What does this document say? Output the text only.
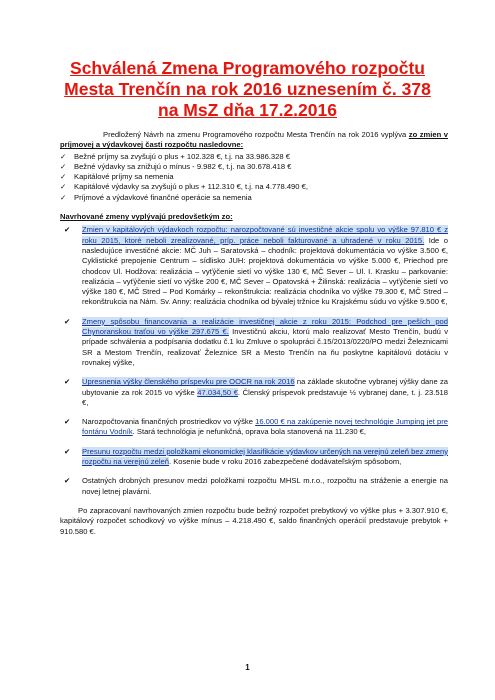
Schválená Zmena Programového rozpočtu
Mesta Trenčín na rok 2016 uznesením č. 378
na MsZ dňa 17.2.2016
Predložený Návrh na zmenu Programového rozpočtu Mesta Trenčín na rok 2016 vyplýva zo zmien v príjmovej a výdavkovej časti rozpočtu nasledovne:
✓ Bežné príjmy sa zvyšujú o plus + 102.328 €, t.j. na 33.986.328 €
✓ Bežné výdavky sa znižujú o mínus - 9.982 €, t.j. na 30.678.418 €
✓ Kapitálové príjmy sa nemenia
✓ Kapitálové výdavky sa zvyšujú o plus + 112.310 €, t.j. na 4.778.490 €,
✓ Príjmové a výdavkové finančné operácie sa nemenia
Navrhované zmeny vyplývajú predovšetkým zo:
✔ Zmien v kapitálových výdavkoch rozpočtu: narozpočtované sú investičné akcie spolu vo výške 97.810 € z roku 2015, ktoré neboli zrealizované, príp. práce neboli fakturované a uhradené v roku 2015. Ide o nasledujúce investičné akcie: MČ Juh – Saratovská – chodník: projektová dokumentácia vo výške 3.500 €, Cyklistické prepojenie Centrum – sídlisko JUH: projektová dokumentácia vo výške 5.000 €, Priechod pre chodcov Ul. Hodžova: realizácia – vyťýčenie sietí vo výške 130 €, MČ Sever – Ul. I. Krasku – parkovanie: realizácia – vyťýčenie sietí vo výške 200 €, MČ Sever – Opatovská + Žilinská: realizácia – vyťýčenie sietí vo výške 180 €, MČ Stred – Pod Komárky – rekonštrukcia: realizácia chodníka vo výške 79.300 €, MČ Stred – rekonštrukcia na Nám. Sv. Anny: realizácia chodníka od bývalej tržnice ku Krajskému súdu vo výške 9.500 €,
✔ Zmeny spôsobu financovania a realizácie investičnej akcie z roku 2015: Podchod pre peších pod Chynoranskou traťou vo výške 297.675 €. Investičnú akciu, ktorú malo realizovať Mesto Trenčín, budú v prípade schválenia a podpísania dodatku č.1 ku Zmluve o spolupráci č.15/2013/0220/PO medzi Železnicami SR a Mestom Trenčín, realizovať Železnice SR a Mesto Trenčín na ňu poskytne kapitálovú dotáciu v rovnakej výške,
✔ Upresnenia výšky členského príspevku pre OOCR na rok 2016 na základe skutočne vybranej výšky dane za ubytovanie za rok 2015 vo výške 47.034,50 €. Členský príspevok predstavuje ½ vybranej dane, t. j. 23.518 €,
✔ Narozpočtovania finančných prostriedkov vo výške 16.000 € na zakúpenie novej technológie Jumping jet pre fontánu Vodník. Stará technológia je nefunkčná, oprava bola stanovená na 11.230 €,
✔ Presunu rozpočtu medzi položkami ekonomickej klasifikácie výdavkov určených na verejnú zeleň bez zmeny rozpočtu na verejnú zeleň. Kosenie bude v roku 2016 zabezpečené dodávateľským spôsobom,
✔ Ostatných drobných presunov medzi položkami rozpočtu MHSL m.r.o., rozpočtu na stráženie a energie na novej letnej plavárni.
Po zapracovaní navrhovaných zmien rozpočtu bude bežný rozpočet prebytkový vo výške plus + 3.307.910 €, kapitálový rozpočet schodkový vo výške mínus – 4.218.490 €, saldo finančných operácií predstavuje prebytok + 910.580 €.
1
